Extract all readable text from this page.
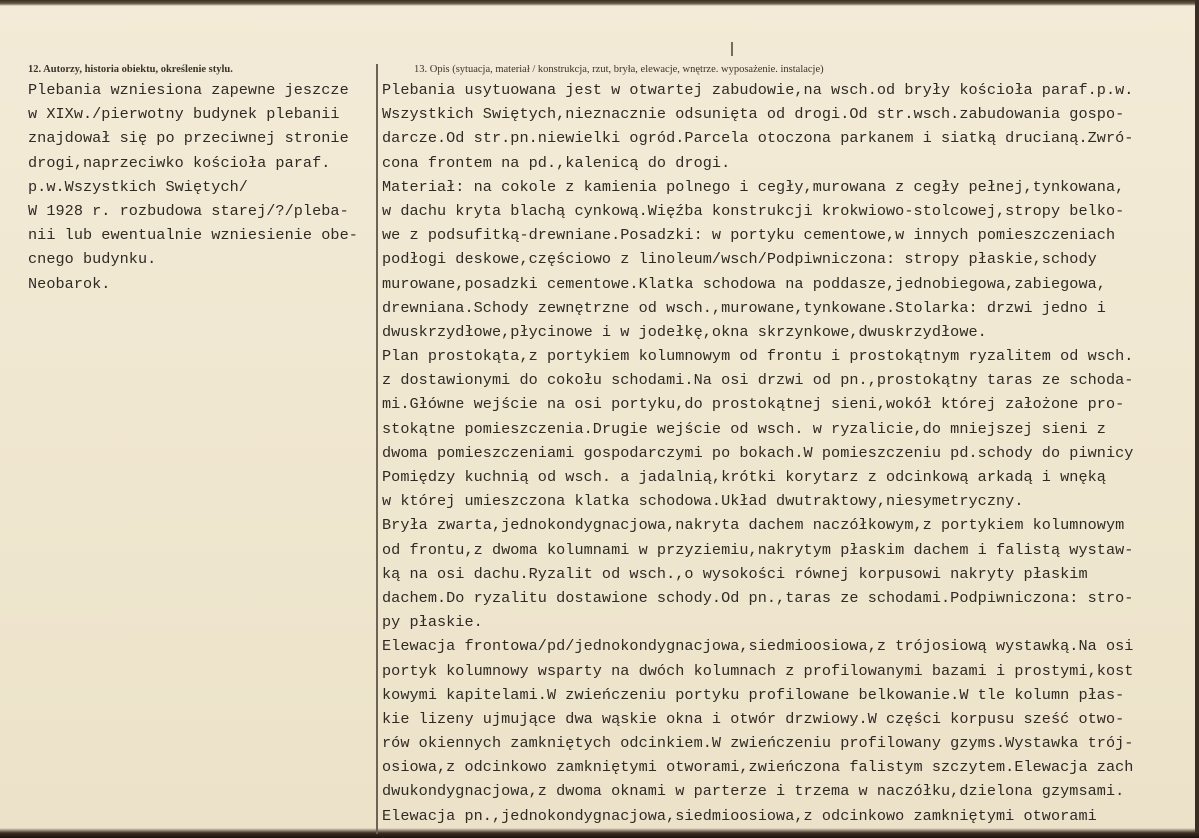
12. Autorzy, historia obiektu, określenie stylu.	13. Opis (sytuacja, materiał / konstrukcja, rzut, bryła, elewacje, wnętrze. wyposażenie. instalacje)
Plebania wzniesiona zapewne jeszcze
w XIXw./pierwotny budynek plebanii
znajdował się po przeciwnej stronie
drogi,naprzeciwko kościoła paraf.
p.w.Wszystkich Swiętych/
W 1928 r. rozbudowa starej/?/pleba-
nii lub ewentualnie wzniesienie obe-
cnego budynku.
Neobarok.
Plebania usytuowana jest w otwartej zabudowie,na wsch.od bryły kościoła paraf.p.w.
Wszystkich Swiętych,nieznacznie odsunięta od drogi.Od str.wsch.zabudowania gospo-
darcze.Od str.pn.niewielki ogród.Parcela otoczona parkanem i siatką drucianą.Zwró-
cona frontem na pd.,kalenicą do drogi.
Materiał: na cokole z kamienia polnego i cegły,murowana z cegły pełnej,tynkowana,
w dachu kryta blachą cynkową.Więźba konstrukcji krokwiowo-stolcowej,stropy belko-
we z podsufitką-drewniane.Posadzki: w portyku cementowe,w innych pomieszczeniach
podłogi deskowe,częściowo z linoleum/wsch/Podpiwniczona: stropy płaskie,schody
murowane,posadzki cementowe.Klatka schodowa na poddasze,jednobiegowa,zabiegowa,
drewniana.Schody zewnętrzne od wsch.,murowane,tynkowane.Stolarka: drzwi jedno i
dwuskrzydłowe,płycinowe i w jodełkę,okna skrzynkowe,dwuskrzydłowe.
Plan prostokąta,z portykiem kolumnowym od frontu i prostokątnym ryzalitem od wsch.
z dostawionymi do cokołu schodami.Na osi drzwi od pn.,prostokątny taras ze schoda-
mi.Główne wejście na osi portyku,do prostokątnej sieni,wokół której założone pro-
stokątne pomieszczenia.Drugie wejście od wsch. w ryzalicie,do mniejszej sieni z
dwoma pomieszczeniami gospodarczymi po bokach.W pomieszczeniu pd.schody do piwnicy
Pomiędzy kuchnią od wsch. a jadalnią,krótki korytarz z odcinkową arkadą i wnęką
w której umieszczona klatka schodowa.Układ dwutraktowy,niesymetryczny.
Bryła zwarta,jednokondygnacjowa,nakryta dachem naczółkowym,z portykiem kolumnowym
od frontu,z dwoma kolumnami w przyziemiu,nakrytym płaskim dachem i falistą wystaw-
ką na osi dachu.Ryzalit od wsch.,o wysokości równej korpusowi nakryty płaskim
dachem.Do ryzalitu dostawione schody.Od pn.,taras ze schodami.Podpiwniczona: stro-
py płaskie.
Elewacja frontowa/pd/jednokondygnacjowa,siedmioosiowa,z trójosiową wystawką.Na osi
portyk kolumnowy wsparty na dwóch kolumnach z profilowanymi bazami i prostymi,kost
kowymi kapitelami.W zwieńczeniu portyku profilowane belkowanie.W tle kolumn płas-
kie lizeny ujmujące dwa wąskie okna i otwór drzwiowy.W części korpusu sześć otwo-
rów okiennych zamkniętych odcinkiem.W zwieńczeniu profilowany gzyms.Wystawka trój-
osiowa,z odcinkowo zamkniętymi otworami,zwieńczona falistym szczytem.Elewacja zach
dwukondygnacjowa,z dwoma oknami w parterze i trzema w naczółku,dzielona gzymsami.
Elewacja pn.,jednokondygnacjowa,siedmioosiowa,z odcinkowo zamkniętymi otworami
